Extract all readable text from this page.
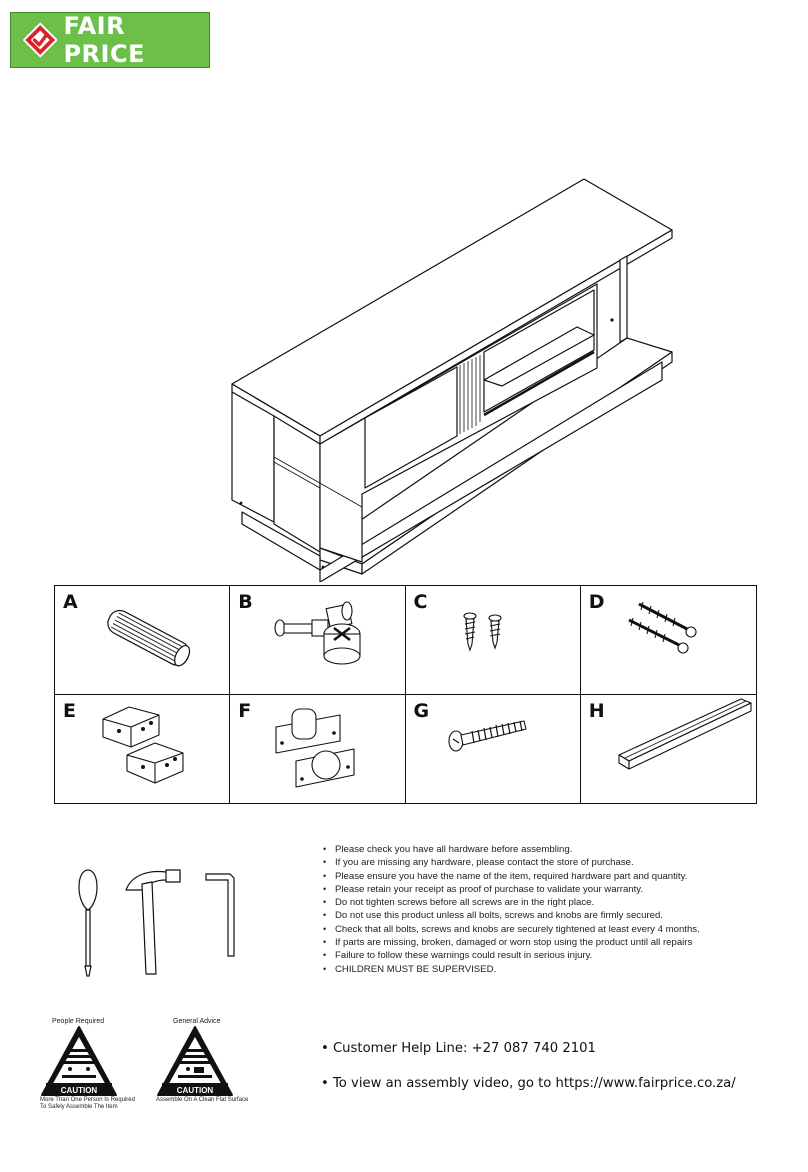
FAIR PRICE
A	B	C	D
E	F	G	H
People Required
CAUTION
More Than One Person Is Required To Safely Assemble The Item
General Advice
CAUTION
Assemble On A Clean Flat Surface
• Please check you have all hardware before assembling.
• If you are missing any hardware, please contact the store of purchase.
• Please ensure you have the name of the item, required hardware part and quantity.
• Please retain your receipt as proof of purchase to validate your warranty.
• Do not tighten screws before all screws are in the right place.
• Do not use this product unless all bolts, screws and knobs are firmly secured.
• Check that all bolts, screws and knobs are securely tightened at least every 4 months.
• If parts are missing, broken, damaged or worn stop using the product until all repairs
• Failure to follow these warnings could result in serious injury.
• CHILDREN MUST BE SUPERVISED.
• Customer Help Line: +27 087 740 2101
• To view an assembly video, go to https://www.fairprice.co.za/
